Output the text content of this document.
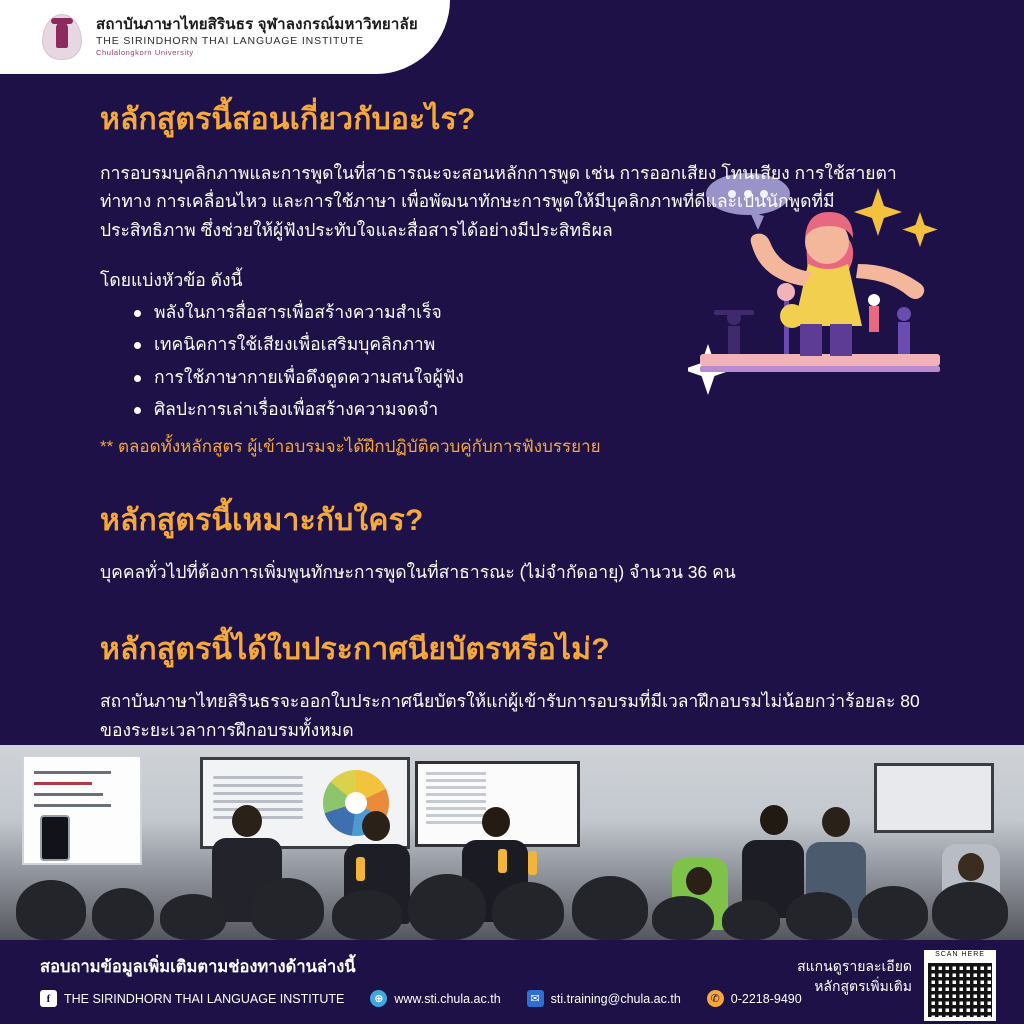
สถาบันภาษาไทยสิรินธร จุฬาลงกรณ์มหาวิทยาลัย
THE SIRINDHORN THAI LANGUAGE INSTITUTE
Chulalongkorn University
หลักสูตรนี้สอนเกี่ยวกับอะไร?

การอบรมบุคลิกภาพและการพูดในที่สาธารณะจะสอนหลักการพูด เช่น การออกเสียง โทนเสียง การใช้สายตา ท่าทาง การเคลื่อนไหว และการใช้ภาษา เพื่อพัฒนาทักษะการพูดให้มีบุคลิกภาพที่ดีและเป็นนักพูดที่มีประสิทธิภาพ ซึ่งช่วยให้ผู้ฟังประทับใจและสื่อสารได้อย่างมีประสิทธิผล

โดยแบ่งหัวข้อ ดังนี้
พลังในการสื่อสารเพื่อสร้างความสำเร็จ
เทคนิคการใช้เสียงเพื่อเสริมบุคลิกภาพ
การใช้ภาษากายเพื่อดึงดูดความสนใจผู้ฟัง
ศิลปะการเล่าเรื่องเพื่อสร้างความจดจำ
** ตลอดทั้งหลักสูตร ผู้เข้าอบรมจะได้ฝึกปฏิบัติควบคู่กับการฟังบรรยาย
หลักสูตรนี้เหมาะกับใคร?

บุคคลทั่วไปที่ต้องการเพิ่มพูนทักษะการพูดในที่สาธารณะ (ไม่จำกัดอายุ) จำนวน 36 คน

หลักสูตรนี้ได้ใบประกาศนียบัตรหรือไม่?

สถาบันภาษาไทยสิรินธรจะออกใบประกาศนียบัตรให้แก่ผู้เข้ารับการอบรมที่มีเวลาฝึกอบรมไม่น้อยกว่าร้อยละ 80 ของระยะเวลาการฝึกอบรมทั้งหมด

สอบถามข้อมูลเพิ่มเติมตามช่องทางด้านล่างนี้
f	THE SIRINDHORN THAI LANGUAGE INSTITUTE	⊕ www.sti.chula.ac.th	✉ sti.training@chula.ac.th	✆ 0-2218-9490
สแกนดูรายละเอียด
หลักสูตรเพิ่มเติม
SCAN HERE
